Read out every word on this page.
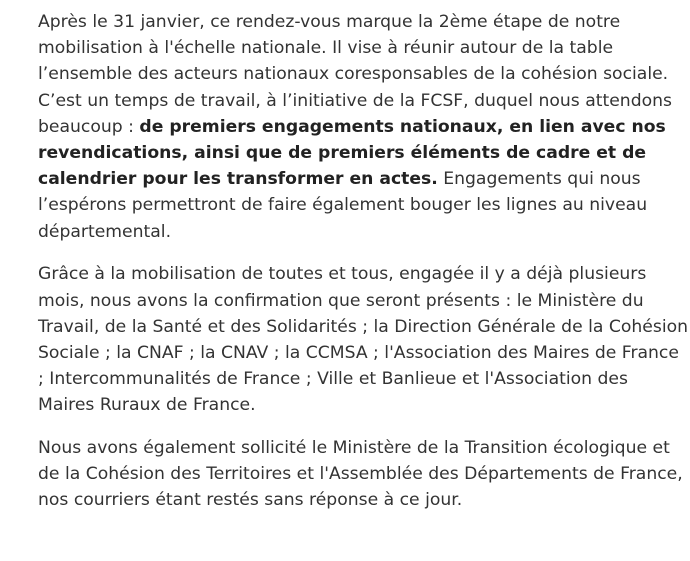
Après le 31 janvier, ce rendez-vous marque la 2ème étape de notre mobilisation à l'échelle nationale. Il vise à réunir autour de la table l’ensemble des acteurs nationaux coresponsables de la cohésion sociale. C’est un temps de travail, à l’initiative de la FCSF, duquel nous attendons beaucoup : de premiers engagements nationaux, en lien avec nos revendications, ainsi que de premiers éléments de cadre et de calendrier pour les transformer en actes. Engagements qui nous l’espérons permettront de faire également bouger les lignes au niveau départemental.

Grâce à la mobilisation de toutes et tous, engagée il y a déjà plusieurs mois, nous avons la confirmation que seront présents : le Ministère du Travail, de la Santé et des Solidarités ; la Direction Générale de la Cohésion Sociale ; la CNAF ; la CNAV ; la CCMSA ; l'Association des Maires de France ; Intercommunalités de France ; Ville et Banlieue et l'Association des Maires Ruraux de France.

Nous avons également sollicité le Ministère de la Transition écologique et de la Cohésion des Territoires et l'Assemblée des Départements de France, nos courriers étant restés sans réponse à ce jour.
